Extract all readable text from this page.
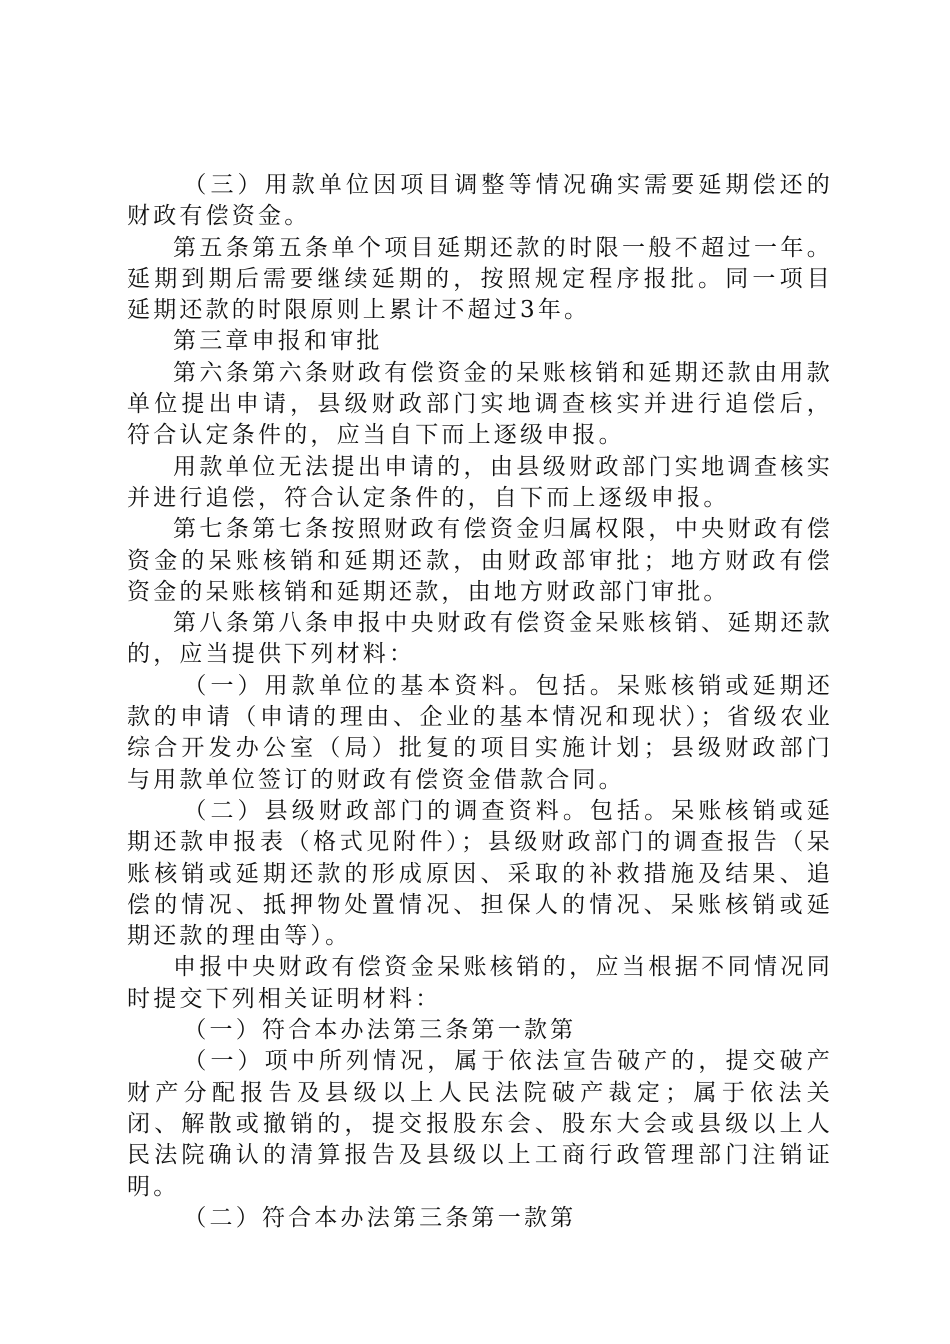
（三）用款单位因项目调整等情况确实需要延期偿还的财政有偿资金。

第五条第五条单个项目延期还款的时限一般不超过一年。延期到期后需要继续延期的，按照规定程序报批。同一项目延期还款的时限原则上累计不超过3年。

第三章申报和审批

第六条第六条财政有偿资金的呆账核销和延期还款由用款单位提出申请，县级财政部门实地调查核实并进行追偿后，符合认定条件的，应当自下而上逐级申报。

用款单位无法提出申请的，由县级财政部门实地调查核实并进行追偿，符合认定条件的，自下而上逐级申报。

第七条第七条按照财政有偿资金归属权限，中央财政有偿资金的呆账核销和延期还款，由财政部审批；地方财政有偿资金的呆账核销和延期还款，由地方财政部门审批。

第八条第八条申报中央财政有偿资金呆账核销、延期还款的，应当提供下列材料：

（一）用款单位的基本资料。包括。呆账核销或延期还款的申请（申请的理由、企业的基本情况和现状）；省级农业综合开发办公室（局）批复的项目实施计划；县级财政部门与用款单位签订的财政有偿资金借款合同。

（二）县级财政部门的调查资料。包括。呆账核销或延期还款申报表（格式见附件）；县级财政部门的调查报告（呆账核销或延期还款的形成原因、采取的补救措施及结果、追偿的情况、抵押物处置情况、担保人的情况、呆账核销或延期还款的理由等）。

申报中央财政有偿资金呆账核销的，应当根据不同情况同时提交下列相关证明材料：

（一）符合本办法第三条第一款第

（一）项中所列情况，属于依法宣告破产的，提交破产财产分配报告及县级以上人民法院破产裁定；属于依法关闭、解散或撤销的，提交报股东会、股东大会或县级以上人民法院确认的清算报告及县级以上工商行政管理部门注销证明。

（二）符合本办法第三条第一款第
